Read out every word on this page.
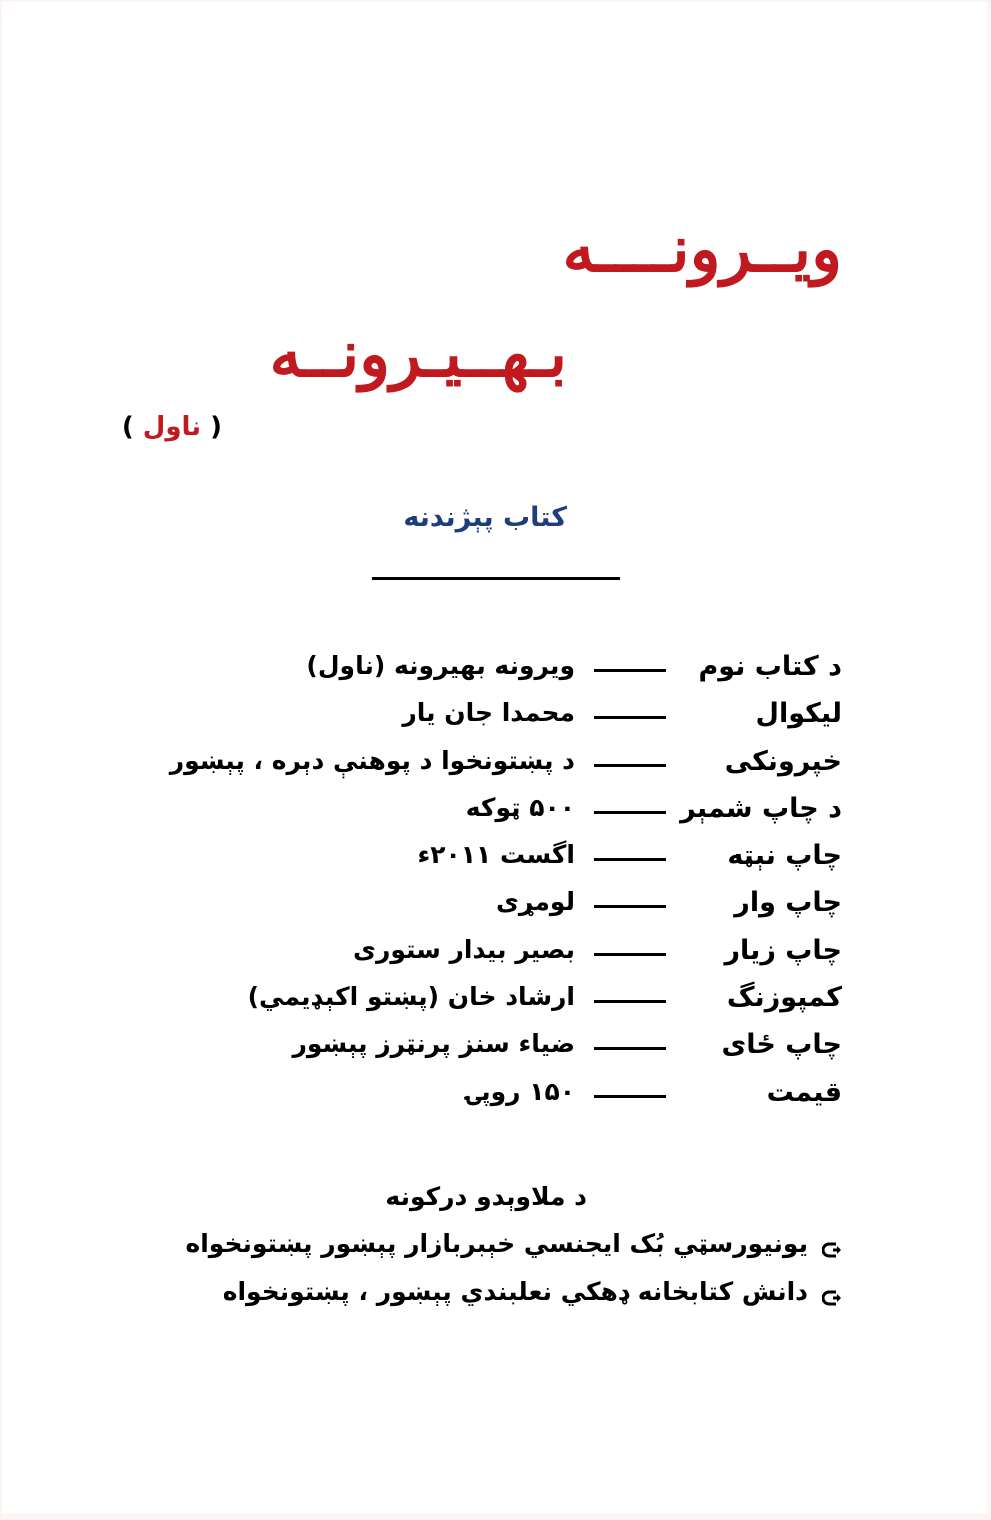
ویــرونــــه
بـهــیـرونــه
( ناول )
کتاب پېژندنه
د کتاب نوم
ویرونه بهیرونه (ناول)
لیکوال
محمدا جان یار
خپرونکی
د پښتونخوا د پوهنې دېره ، پېښور
د چاپ شمېر
۵۰۰ ټوکه
چاپ نېټه
اگست ۲۰۱۱ء
چاپ وار
لومړی
چاپ زیار
بصیر بیدار ستوری
کمپوزنگ
ارشاد خان (پښتو اکېډیمي)
چاپ ځای
ضیاء سنز پرنټرز پېښور
قیمت
۱۵۰ روپۍ
د ملاوېدو درکونه
یونیورسټي بُک ایجنسي خېبربازار پېښور پښتونخواه
دانش کتابخانه ډهکي نعلبندي پېښور ، پښتونخواه
